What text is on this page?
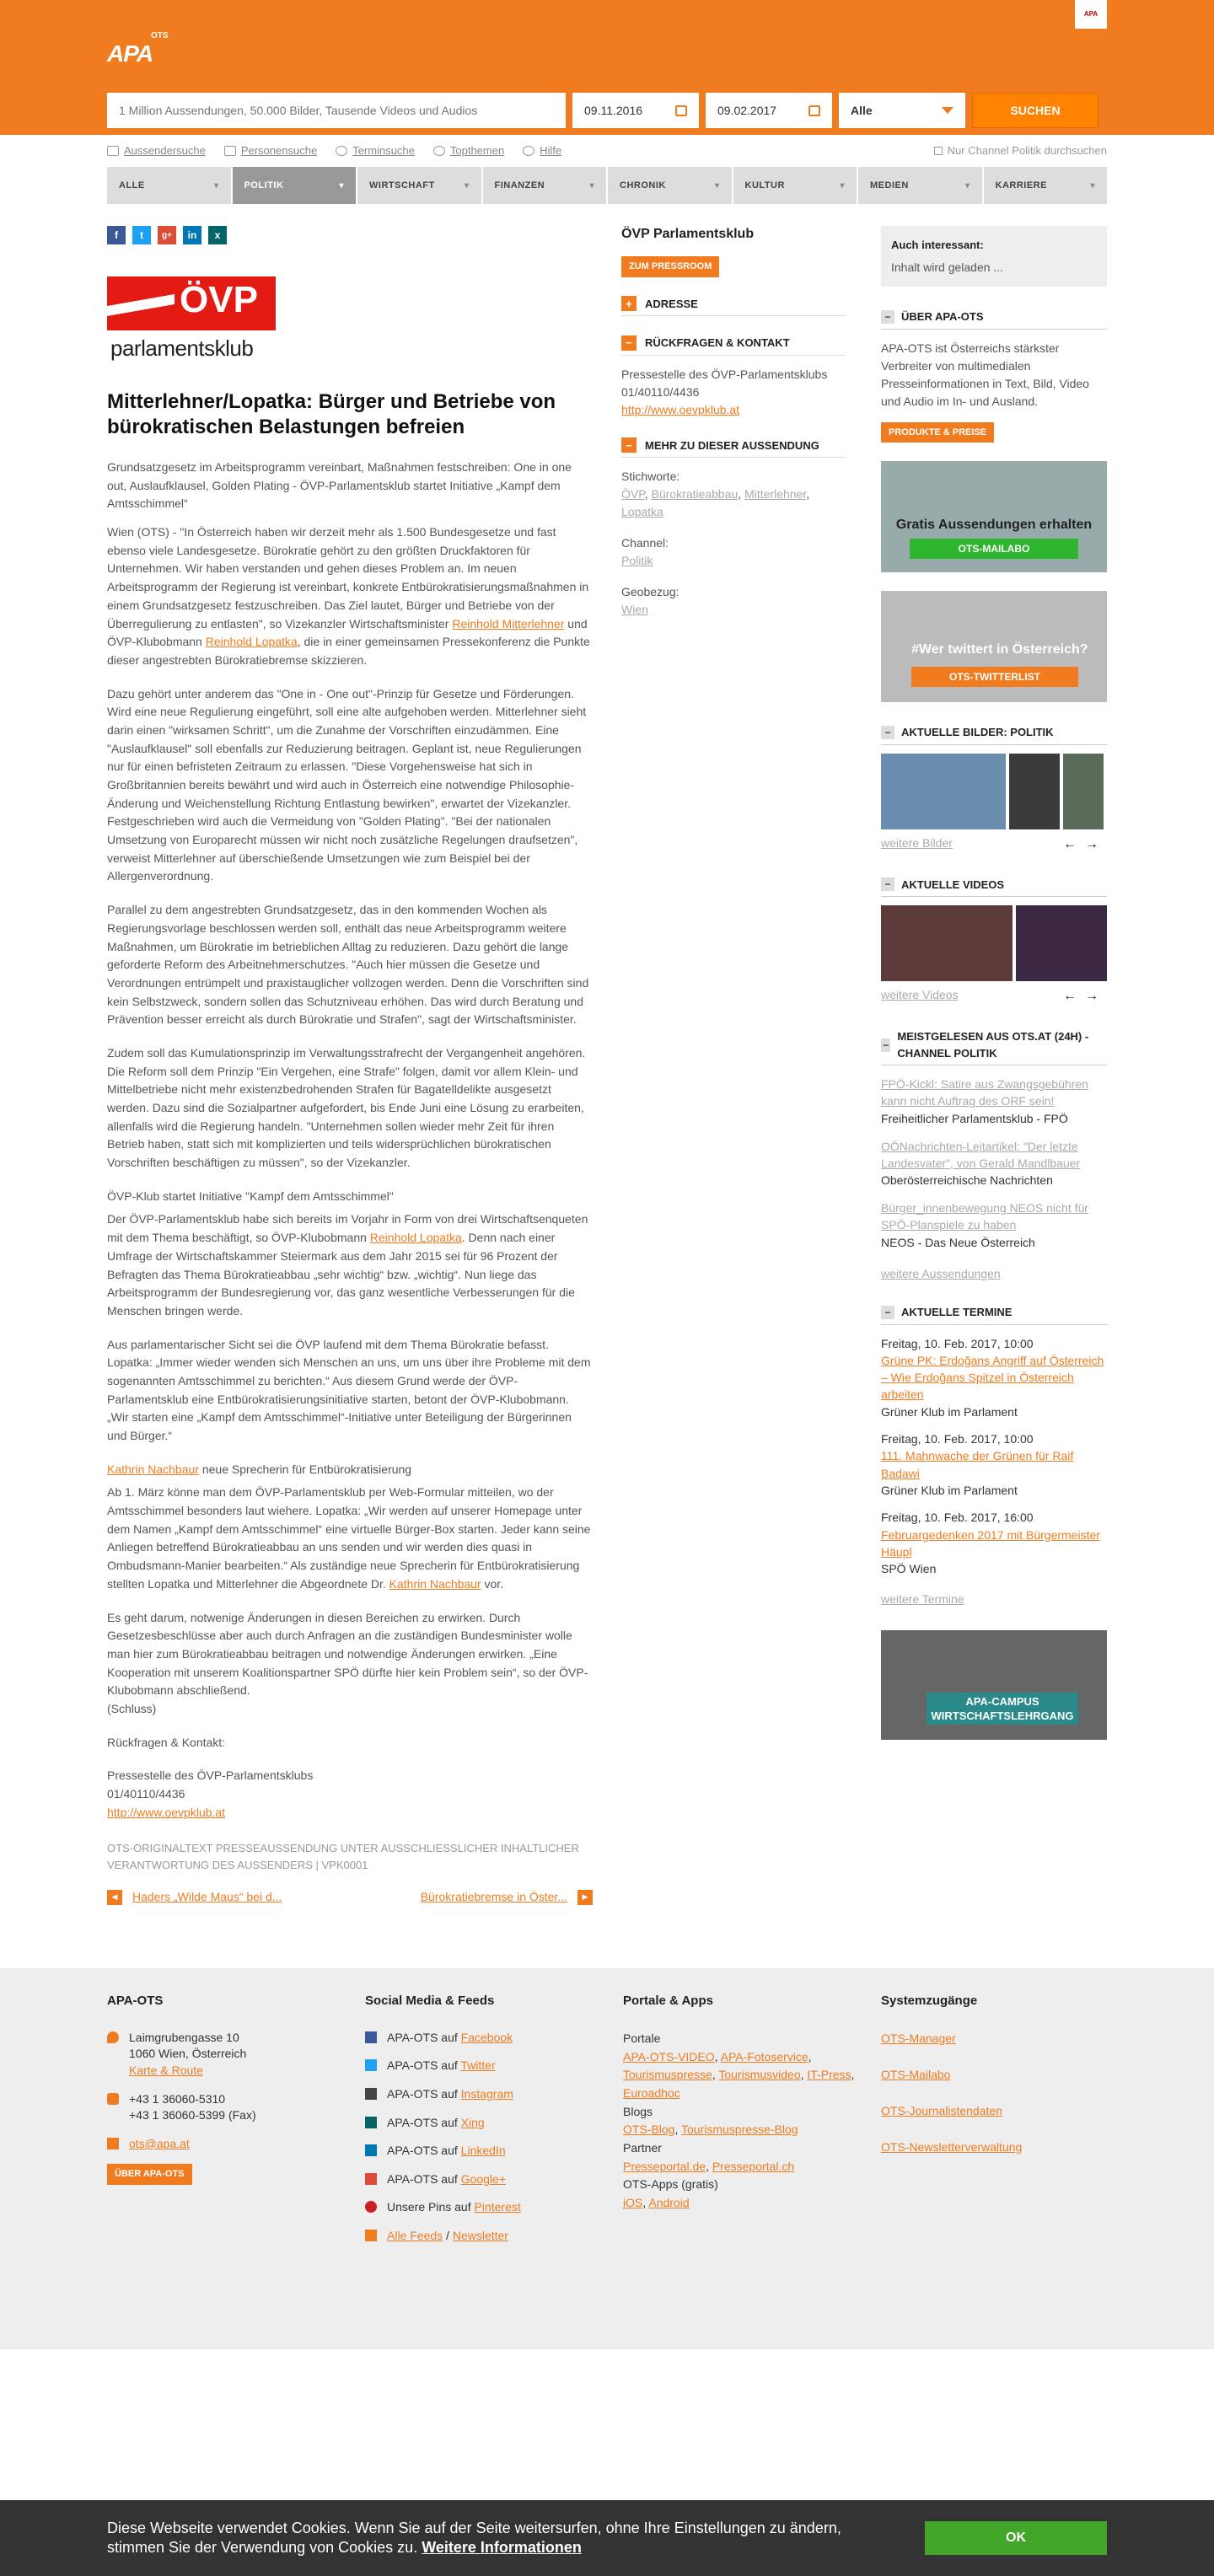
APA
OTS
APA
1 Million Aussendungen, 50.000 Bilder, Tausende Videos und Audios
09.11.2016	09.02.2017	Alle	SUCHEN
Aussendersuche	Personensuche	Terminsuche	Topthemen	Hilfe	Nur Channel Politik durchsuchen
ALLE	▾	POLITIK	▾	WIRTSCHAFT	▾	FINANZEN	▾	CHRONIK	▾	KULTUR	▾	MEDIEN	▾	KARRIERE	▾
f	t	g+	in	x
ÖVP
parlamentsklub
Mitterlehner/Lopatka: Bürger und Betriebe von bürokratischen Belastungen befreien
Grundsatzgesetz im Arbeitsprogramm vereinbart, Maßnahmen festschreiben: One in one out, Auslaufklausel, Golden Plating - ÖVP-Parlamentsklub startet Initiative „Kampf dem Amtsschimmel“

Wien (OTS) - "In Österreich haben wir derzeit mehr als 1.500 Bundesgesetze und fast ebenso viele Landesgesetze. Bürokratie gehört zu den größten Druckfaktoren für Unternehmen. Wir haben verstanden und gehen dieses Problem an. Im neuen Arbeitsprogramm der Regierung ist vereinbart, konkrete Entbürokratisierungsmaßnahmen in einem Grundsatzgesetz festzuschreiben. Das Ziel lautet, Bürger und Betriebe von der Überregulierung zu entlasten", so Vizekanzler Wirtschaftsminister Reinhold Mitterlehner und ÖVP-Klubobmann Reinhold Lopatka, die in einer gemeinsamen Pressekonferenz die Punkte dieser angestrebten Bürokratiebremse skizzieren.

Dazu gehört unter anderem das "One in - One out"-Prinzip für Gesetze und Förderungen. Wird eine neue Regulierung eingeführt, soll eine alte aufgehoben werden. Mitterlehner sieht darin einen "wirksamen Schritt", um die Zunahme der Vorschriften einzudämmen. Eine "Auslaufklausel" soll ebenfalls zur Reduzierung beitragen. Geplant ist, neue Regulierungen nur für einen befristeten Zeitraum zu erlassen. "Diese Vorgehensweise hat sich in Großbritannien bereits bewährt und wird auch in Österreich eine notwendige Philosophie-Änderung und Weichenstellung Richtung Entlastung bewirken", erwartet der Vizekanzler. Festgeschrieben wird auch die Vermeidung von "Golden Plating". "Bei der nationalen Umsetzung von Europarecht müssen wir nicht noch zusätzliche Regelungen draufsetzen", verweist Mitterlehner auf überschießende Umsetzungen wie zum Beispiel bei der Allergenverordnung.

Parallel zu dem angestrebten Grundsatzgesetz, das in den kommenden Wochen als Regierungsvorlage beschlossen werden soll, enthält das neue Arbeitsprogramm weitere Maßnahmen, um Bürokratie im betrieblichen Alltag zu reduzieren. Dazu gehört die lange geforderte Reform des Arbeitnehmerschutzes. "Auch hier müssen die Gesetze und Verordnungen entrümpelt und praxistauglicher vollzogen werden. Denn die Vorschriften sind kein Selbstzweck, sondern sollen das Schutzniveau erhöhen. Das wird durch Beratung und Prävention besser erreicht als durch Bürokratie und Strafen", sagt der Wirtschaftsminister.

Zudem soll das Kumulationsprinzip im Verwaltungsstrafrecht der Vergangenheit angehören. Die Reform soll dem Prinzip "Ein Vergehen, eine Strafe" folgen, damit vor allem Klein- und Mittelbetriebe nicht mehr existenzbedrohenden Strafen für Bagatelldelikte ausgesetzt werden. Dazu sind die Sozialpartner aufgefordert, bis Ende Juni eine Lösung zu erarbeiten, allenfalls wird die Regierung handeln. "Unternehmen sollen wieder mehr Zeit für ihren Betrieb haben, statt sich mit komplizierten und teils widersprüchlichen bürokratischen Vorschriften beschäftigen zu müssen", so der Vizekanzler.

ÖVP-Klub startet Initiative "Kampf dem Amtsschimmel"

Der ÖVP-Parlamentsklub habe sich bereits im Vorjahr in Form von drei Wirtschaftsenqueten mit dem Thema beschäftigt, so ÖVP-Klubobmann Reinhold Lopatka. Denn nach einer Umfrage der Wirtschaftskammer Steiermark aus dem Jahr 2015 sei für 96 Prozent der Befragten das Thema Bürokratieabbau „sehr wichtig“ bzw. „wichtig“. Nun liege das Arbeitsprogramm der Bundesregierung vor, das ganz wesentliche Verbesserungen für die Menschen bringen werde.

Aus parlamentarischer Sicht sei die ÖVP laufend mit dem Thema Bürokratie befasst. Lopatka: „Immer wieder wenden sich Menschen an uns, um uns über ihre Probleme mit dem sogenannten Amtsschimmel zu berichten.“ Aus diesem Grund werde der ÖVP-Parlamentsklub eine Entbürokratisierungsinitiative starten, betont der ÖVP-Klubobmann. „Wir starten eine „Kampf dem Amtsschimmel“-Initiative unter Beteiligung der Bürgerinnen und Bürger.“

Kathrin Nachbaur neue Sprecherin für Entbürokratisierung

Ab 1. März könne man dem ÖVP-Parlamentsklub per Web-Formular mitteilen, wo der Amtsschimmel besonders laut wiehere. Lopatka: „Wir werden auf unserer Homepage unter dem Namen „Kampf dem Amtsschimmel“ eine virtuelle Bürger-Box starten. Jeder kann seine Anliegen betreffend Bürokratieabbau an uns senden und wir werden dies quasi in Ombudsmann-Manier bearbeiten.“ Als zuständige neue Sprecherin für Entbürokratisierung stellten Lopatka und Mitterlehner die Abgeordnete Dr. Kathrin Nachbaur vor.

Es geht darum, notwenige Änderungen in diesen Bereichen zu erwirken. Durch Gesetzesbeschlüsse aber auch durch Anfragen an die zuständigen Bundesminister wolle man hier zum Bürokratieabbau beitragen und notwendige Änderungen erwirken. „Eine Kooperation mit unserem Koalitionspartner SPÖ dürfte hier kein Problem sein“, so der ÖVP-Klubobmann abschließend.
(Schluss)

Rückfragen & Kontakt:

Pressestelle des ÖVP-Parlamentsklubs
01/40110/4436
http://www.oevpklub.at

OTS-ORIGINALTEXT PRESSEAUSSENDUNG UNTER AUSSCHLIESSLICHER INHALTLICHER VERANTWORTUNG DES AUSSENDERS | VPK0001
◀	Haders „Wilde Maus“ bei d...	Bürokratiebremse in Öster...	▶
ÖVP Parlamentsklub
ZUM PRESSROOM
+	ADRESSE
−	RÜCKFRAGEN & KONTAKT
Pressestelle des ÖVP-Parlamentsklubs
01/40110/4436
http://www.oevpklub.at
−	MEHR ZU DIESER AUSSENDUNG
Stichworte:
ÖVP, Bürokratieabbau, Mitterlehner, Lopatka
Channel:
Politik
Geobezug:
Wien
Auch interessant:
Inhalt wird geladen ...
− ÜBER APA-OTS

APA-OTS ist Österreichs stärkster Verbreiter von multimedialen Presseinformationen in Text, Bild, Video und Audio im In- und Ausland.

PRODUKTE & PREISE
Gratis Aussendungen erhalten
OTS-MAILABO
#Wer twittert in Österreich?
OTS-TWITTERLIST
− AKTUELLE BILDER: POLITIK
weitere Bilder	←→
− AKTUELLE VIDEOS
weitere Videos	←→
−
MEISTGELESEN AUS OTS.AT (24H) - CHANNEL POLITIK
FPÖ-Kickl: Satire aus Zwangsgebühren kann nicht Auftrag des ORF sein!
Freiheitlicher Parlamentsklub - FPÖ
OÖNachrichten-Leitartikel: "Der letzte Landesvater", von Gerald Mandlbauer
Oberösterreichische Nachrichten
Bürger_innenbewegung NEOS nicht für SPÖ-Planspiele zu haben
NEOS - Das Neue Österreich
weitere Aussendungen
− AKTUELLE TERMINE
Freitag, 10. Feb. 2017, 10:00
Grüne PK: Erdoğans Angriff auf Österreich – Wie Erdoğans Spitzel in Österreich arbeiten
Grüner Klub im Parlament
Freitag, 10. Feb. 2017, 10:00
111. Mahnwache der Grünen für Raif Badawi
Grüner Klub im Parlament
Freitag, 10. Feb. 2017, 16:00
Februargedenken 2017 mit Bürgermeister Häupl
SPÖ Wien
weitere Termine
APA-CAMPUS WIRTSCHAFTSLEHRGANG
APA-OTS
Laimgrubengasse 10
1060 Wien, Österreich
Karte & Route
+43 1 36060-5310
+43 1 36060-5399 (Fax)
ots@apa.at
ÜBER APA-OTS
Social Media & Feeds
APA-OTS auf Facebook
APA-OTS auf Twitter
APA-OTS auf Instagram
APA-OTS auf Xing
APA-OTS auf LinkedIn
APA-OTS auf Google+
Unsere Pins auf Pinterest
Alle Feeds / Newsletter
Portale & Apps
Portale
APA-OTS-VIDEO, APA-Fotoservice, Tourismuspresse, Tourismusvideo, IT-Press, Euroadhoc
Blogs
OTS-Blog, Tourismuspresse-Blog
Partner
Presseportal.de, Presseportal.ch
OTS-Apps (gratis)
iOS, Android
Systemzugänge
OTS-Manager
OTS-Mailabo
OTS-Journalistendaten
OTS-Newsletterverwaltung
Diese Webseite verwendet Cookies. Wenn Sie auf der Seite weitersurfen, ohne Ihre Einstellungen zu ändern, stimmen Sie der Verwendung von Cookies zu. Weitere Informationen
OK
